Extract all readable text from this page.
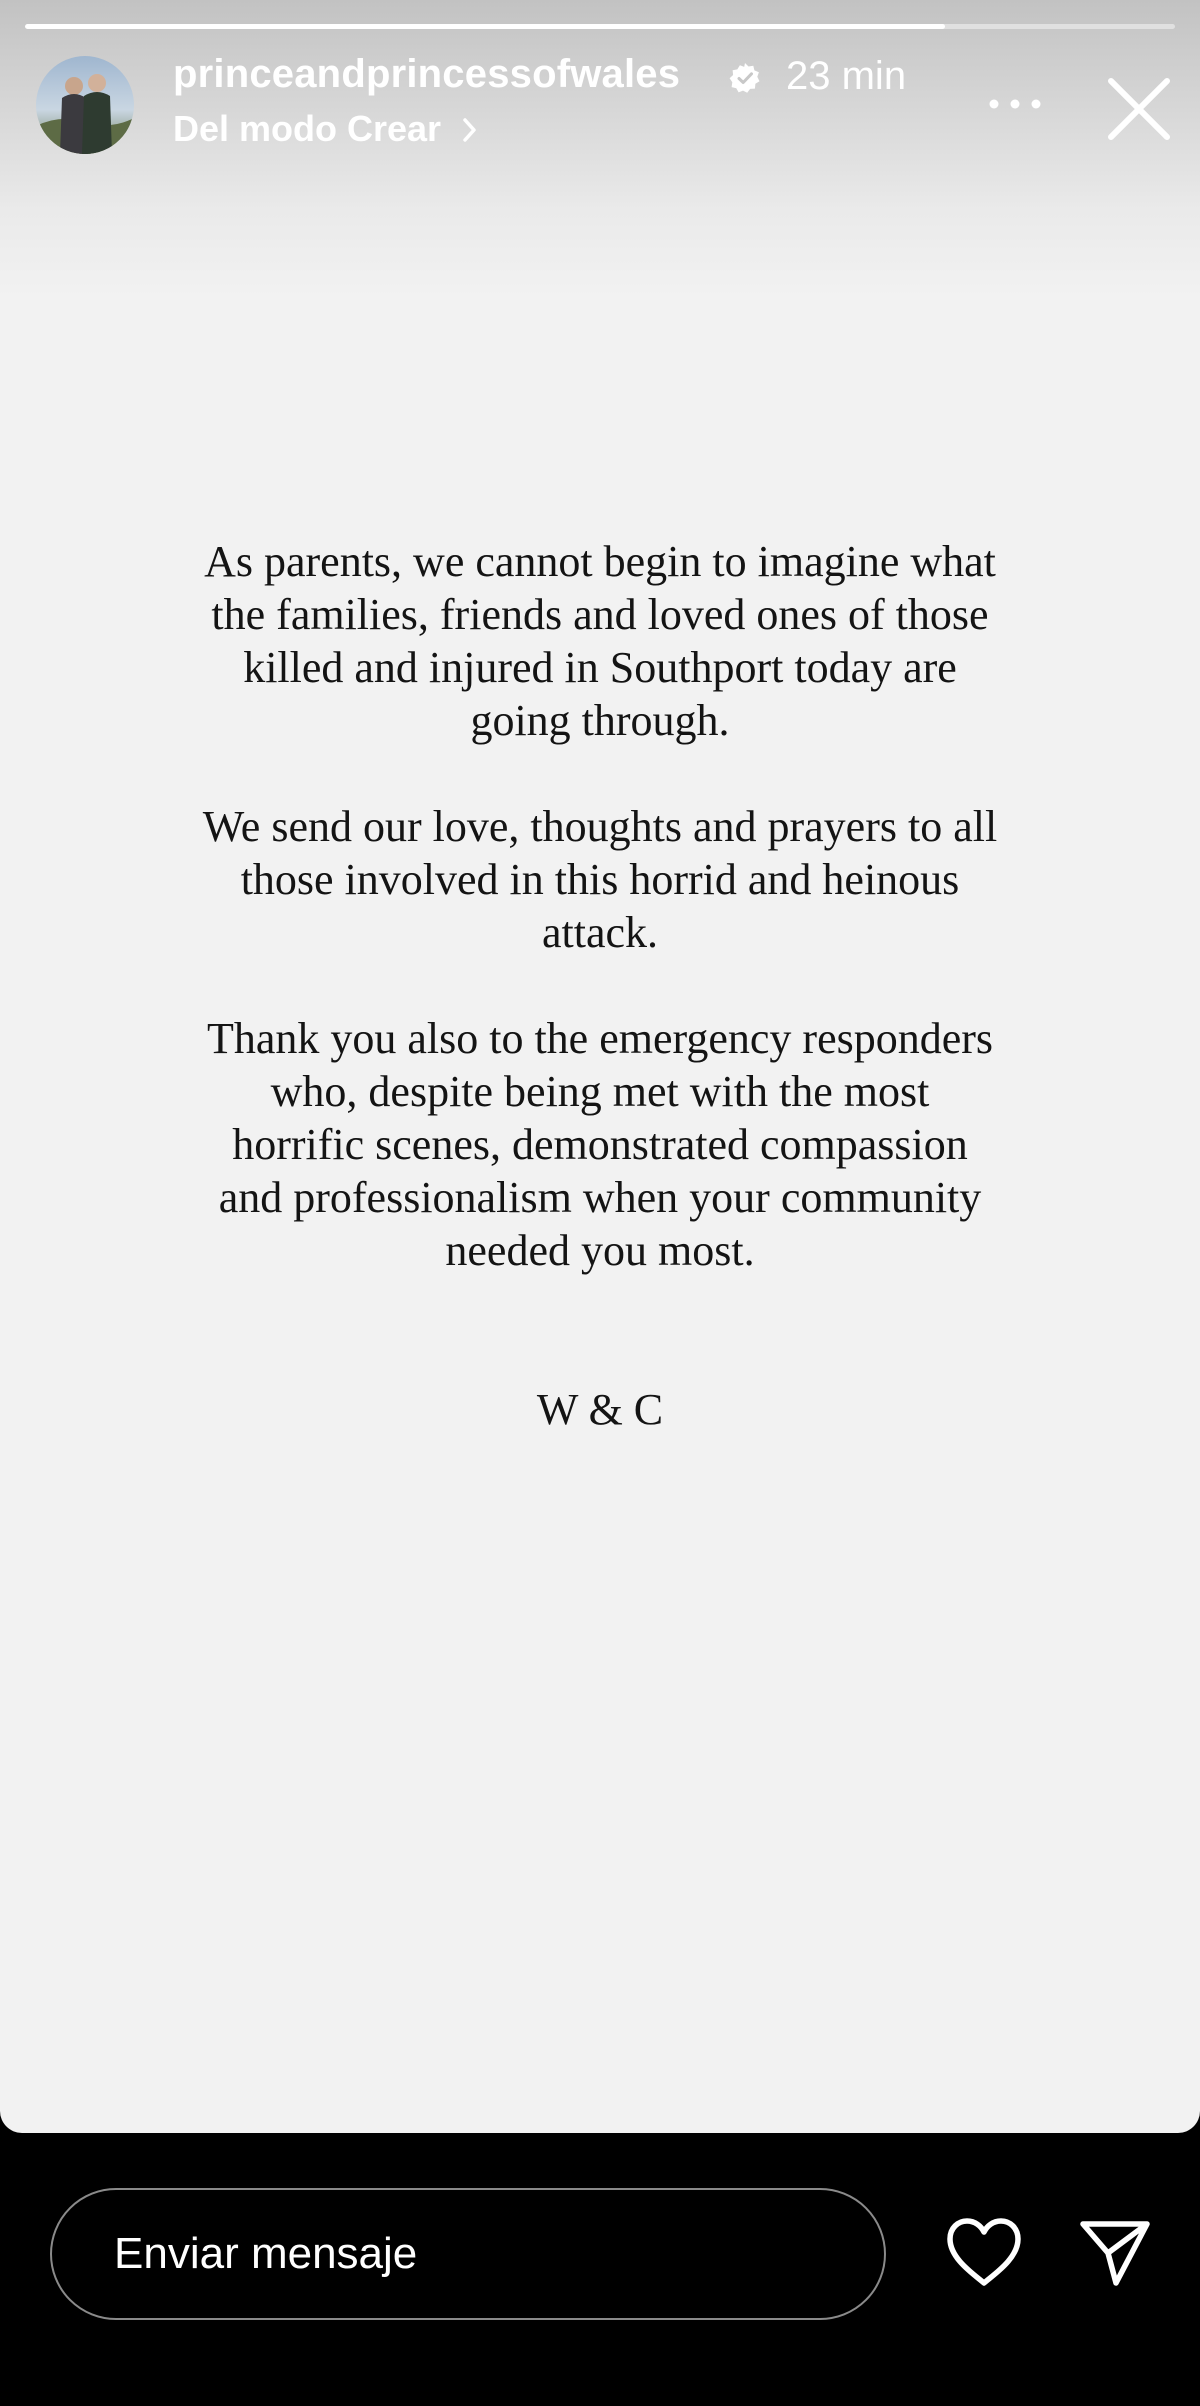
princeandprincessofwales	23 min
Del modo Crear

As parents, we cannot begin to imagine what the families, friends and loved ones of those killed and injured in Southport today are going through.

We send our love, thoughts and prayers to all those involved in this horrid and heinous attack.

Thank you also to the emergency responders who, despite being met with the most horrific scenes, demonstrated compassion and professionalism when your community needed you most.

W & C
Enviar mensaje
